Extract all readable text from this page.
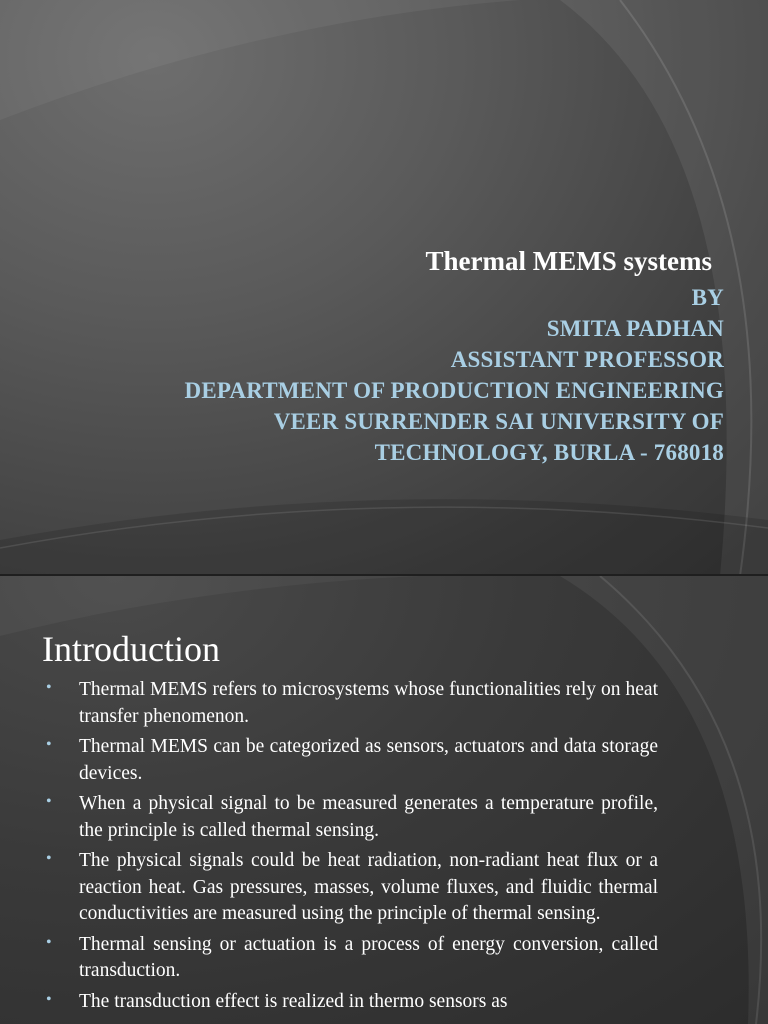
Thermal MEMS systems
BY
SMITA PADHAN
ASSISTANT PROFESSOR
DEPARTMENT OF PRODUCTION ENGINEERING
VEER SURRENDER SAI UNIVERSITY OF
TECHNOLOGY, BURLA - 768018
Introduction
• Thermal MEMS refers to microsystems whose functionalities rely on heat transfer phenomenon.
• Thermal MEMS can be categorized as sensors, actuators and data storage devices.
• When a physical signal to be measured generates a temperature profile, the principle is called thermal sensing.
• The physical signals could be heat radiation, non-radiant heat flux or a reaction heat. Gas pressures, masses, volume fluxes, and fluidic thermal conductivities are measured using the principle of thermal sensing.
• Thermal sensing or actuation is a process of energy conversion, called transduction.
• The transduction effect is realized in thermo sensors as
